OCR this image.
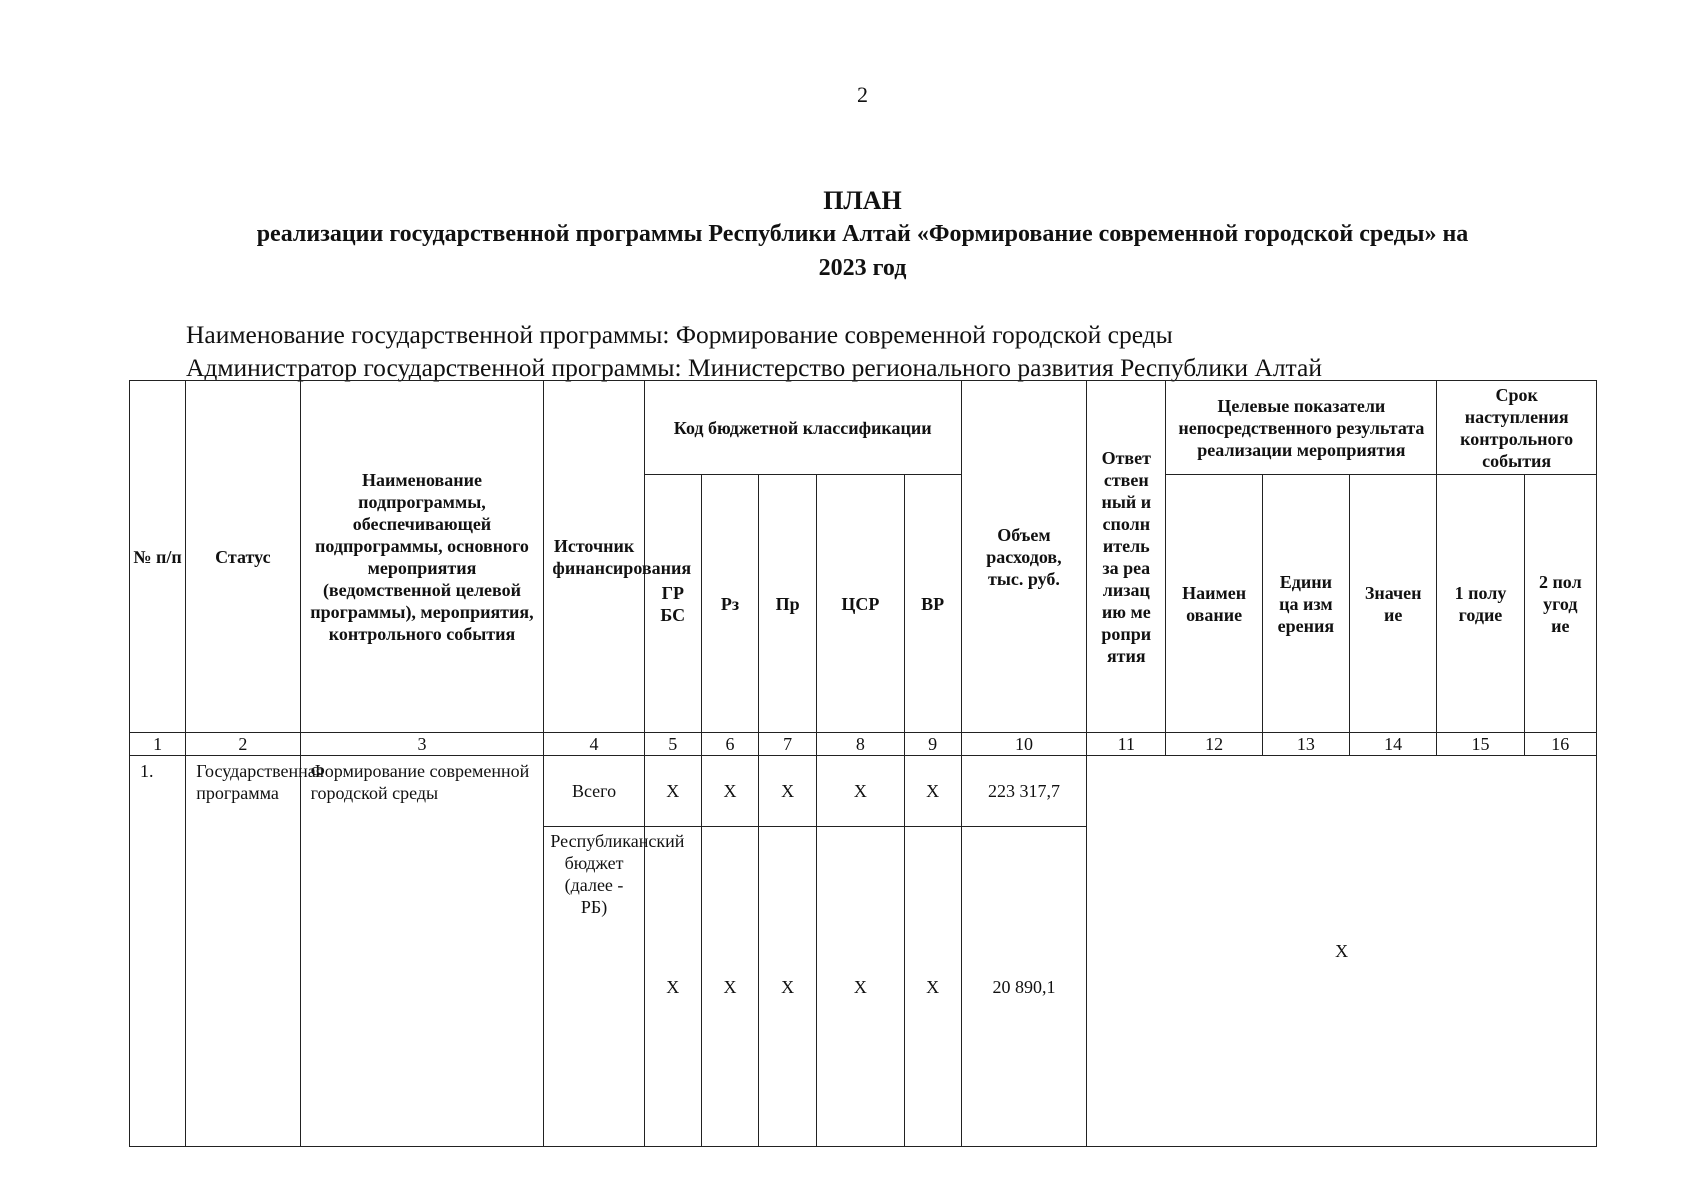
2
ПЛАН
реализации государственной программы Республики Алтай «Формирование современной городской среды» на
2023 год
Наименование государственной программы: Формирование современной городской среды
Администратор государственной программы: Министерство регионального развития Республики Алтай
№ п/п	Статус	Наименование подпрограммы, обеспечивающей подпрограммы, основного мероприятия (ведомственной целевой программы), мероприятия, контрольного события	Источник финансирования	Код бюджетной классификации					Объем расходов, тыс. руб.	Ответственный исполнитель за реализацию мероприятия	Целевые показатели непосредственного результата реализации мероприятия			Срок наступления контрольного события	
				ГР БС	Рз	Пр	ЦСР	ВР			Наименование	Единица измерения	Значение	1 полугодие	2 полугодие
1	2	3	4	5	6	7	8	9	10	11	12	13	14	15	16
1.	Государственная программа	Формирование современной городской среды	Всего	X	X	X	X	X	223 317,7	X					
			Республиканский бюджет (далее - РБ)	X	X	X	X	X	20 890,1						
